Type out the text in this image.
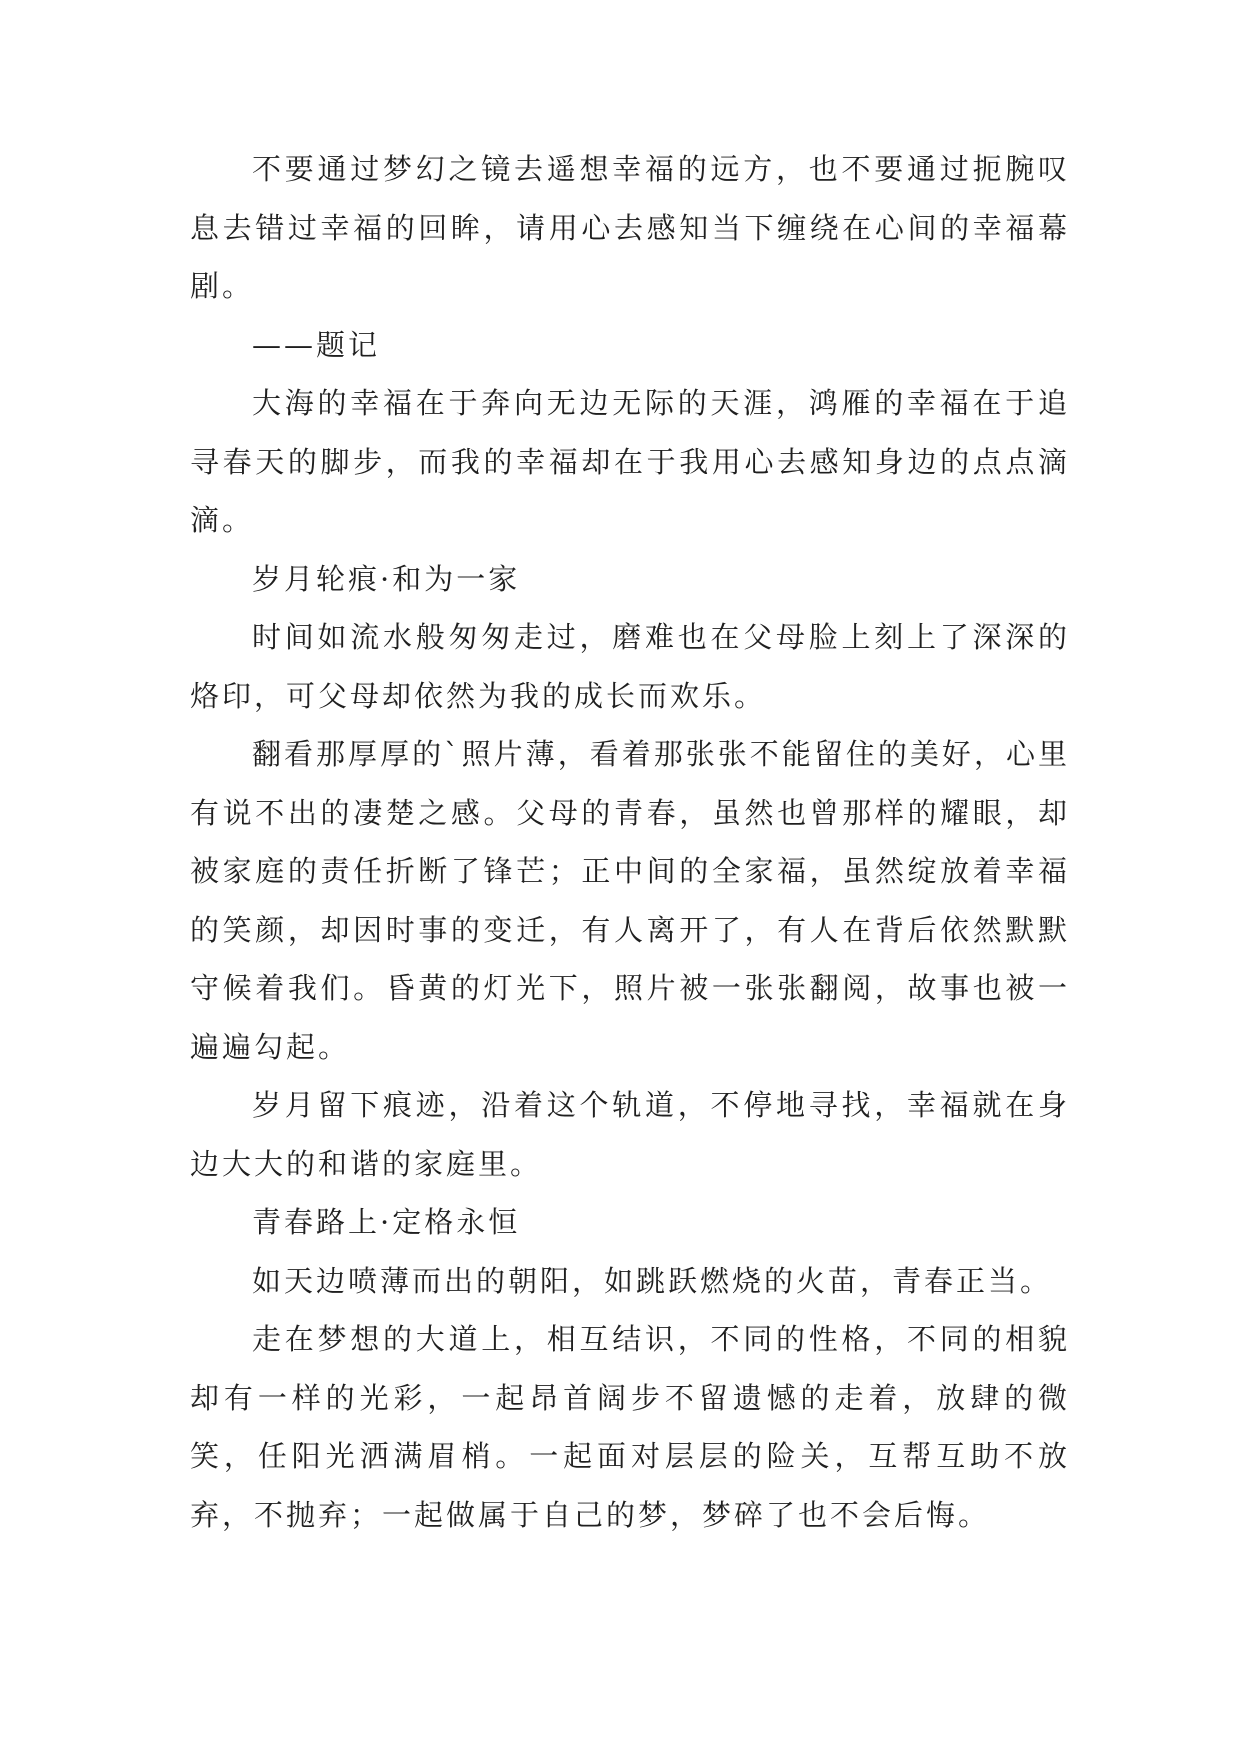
不要通过梦幻之镜去遥想幸福的远方，也不要通过扼腕叹息去错过幸福的回眸，请用心去感知当下缠绕在心间的幸福幕剧。

——题记

大海的幸福在于奔向无边无际的天涯，鸿雁的幸福在于追寻春天的脚步，而我的幸福却在于我用心去感知身边的点点滴滴。

岁月轮痕·和为一家

时间如流水般匆匆走过，磨难也在父母脸上刻上了深深的烙印，可父母却依然为我的成长而欢乐。

翻看那厚厚的`照片薄，看着那张张不能留住的美好，心里有说不出的凄楚之感。父母的青春，虽然也曾那样的耀眼，却被家庭的责任折断了锋芒；正中间的全家福，虽然绽放着幸福的笑颜，却因时事的变迁，有人离开了，有人在背后依然默默守候着我们。昏黄的灯光下，照片被一张张翻阅，故事也被一遍遍勾起。

岁月留下痕迹，沿着这个轨道，不停地寻找，幸福就在身边大大的和谐的家庭里。

青春路上·定格永恒

如天边喷薄而出的朝阳，如跳跃燃烧的火苗，青春正当。

走在梦想的大道上，相互结识，不同的性格，不同的相貌却有一样的光彩，一起昂首阔步不留遗憾的走着，放肆的微笑，任阳光洒满眉梢。一起面对层层的险关，互帮互助不放弃，不抛弃；一起做属于自己的梦，梦碎了也不会后悔。
